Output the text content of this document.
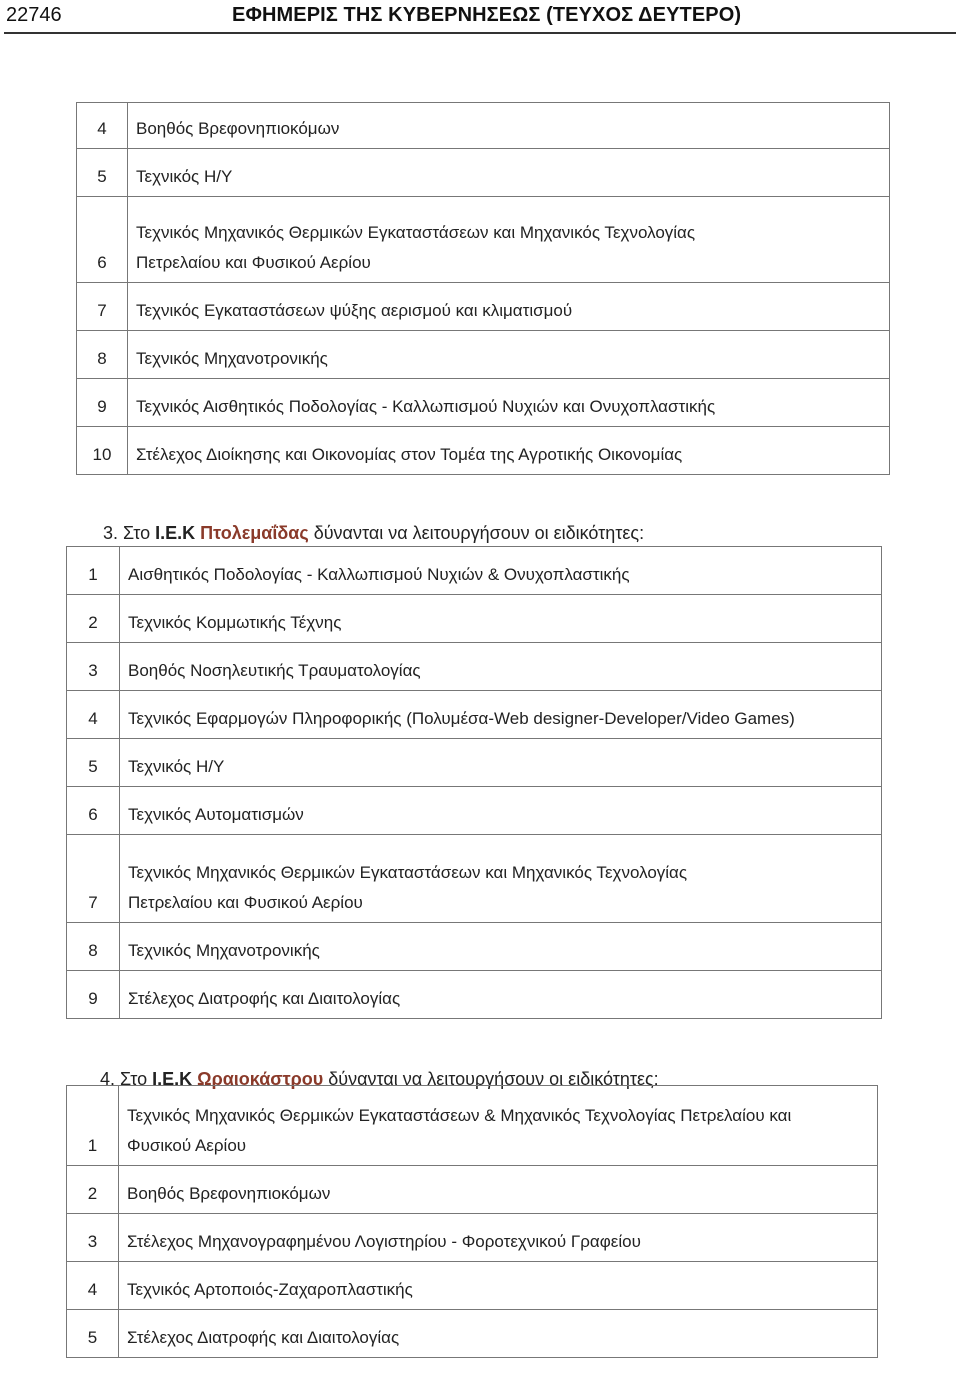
22746	ΕΦΗΜΕΡΙΣ ΤΗΣ ΚΥΒΕΡΝΗΣΕΩΣ (ΤΕΥΧΟΣ ΔΕΥΤΕΡΟ)
4	Βοηθός Βρεφονηπιοκόμων

5	Τεχνικός Η/Υ

6	Τεχνικός Μηχανικός Θερμικών Εγκαταστάσεων και Μηχανικός Τεχνολογίας
Πετρελαίου και Φυσικού Αερίου

7	Τεχνικός Εγκαταστάσεων ψύξης αερισμού και κλιματισμού

8	Τεχνικός Μηχανοτρονικής

9	Τεχνικός Αισθητικός Ποδολογίας - Καλλωπισμού Νυχιών και Ονυχοπλαστικής

10	Στέλεχος Διοίκησης και Οικονομίας στον Τομέα της Αγροτικής Οικονομίας
3. Στο Ι.Ε.Κ Πτολεμαΐδας δύνανται να λειτουργήσουν οι ειδικότητες:
1	Αισθητικός Ποδολογίας - Καλλωπισμού Νυχιών & Ονυχοπλαστικής

2	Τεχνικός Κομμωτικής Τέχνης

3	Βοηθός Νοσηλευτικής Τραυματολογίας

4	Τεχνικός Εφαρμογών Πληροφορικής (Πολυμέσα-Web designer-Developer/Video Games)

5	Τεχνικός Η/Υ

6	Τεχνικός Αυτοματισμών

7	Τεχνικός Μηχανικός Θερμικών Εγκαταστάσεων και Μηχανικός Τεχνολογίας
Πετρελαίου και Φυσικού Αερίου

8	Τεχνικός Μηχανοτρονικής

9	Στέλεχος Διατροφής και Διαιτολογίας
4. Στο Ι.Ε.Κ Ωραιοκάστρου δύνανται να λειτουργήσουν οι ειδικότητες:
1	Τεχνικός Μηχανικός Θερμικών Εγκαταστάσεων & Μηχανικός Τεχνολογίας Πετρελαίου και
Φυσικού Αερίου

2	Βοηθός Βρεφονηπιοκόμων

3	Στέλεχος Μηχανογραφημένου Λογιστηρίου - Φοροτεχνικού Γραφείου

4	Τεχνικός Αρτοποιός-Ζαχαροπλαστικής

5	Στέλεχος Διατροφής και Διαιτολογίας
